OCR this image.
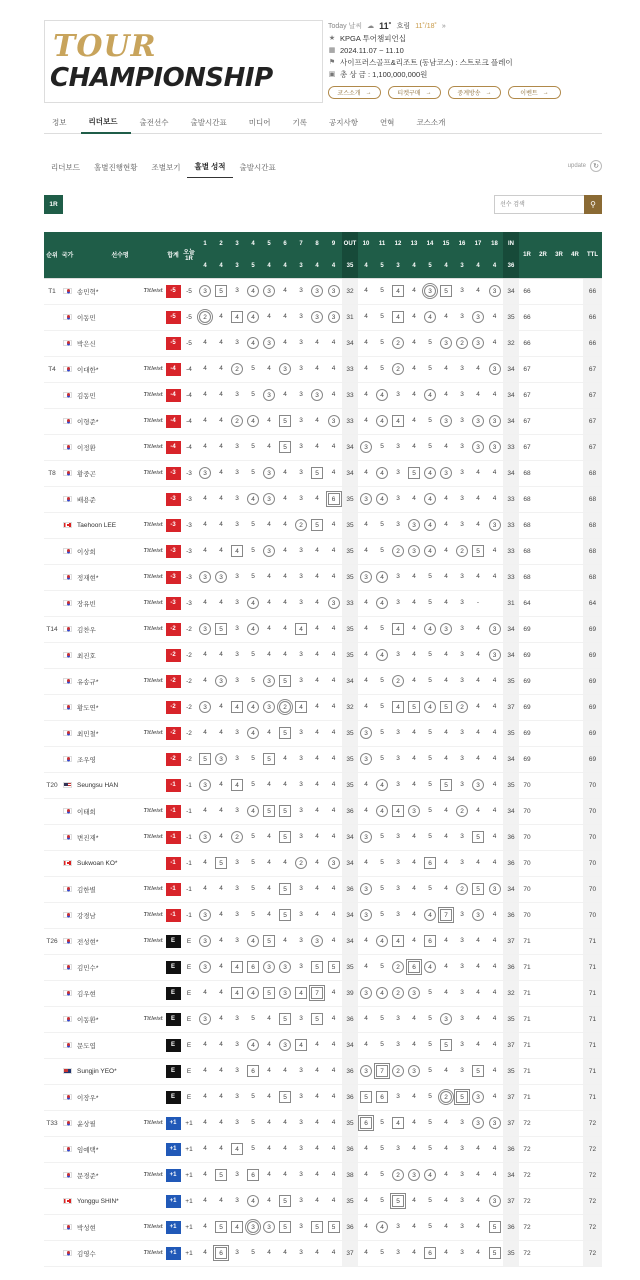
TOUR
CHAMPIONSHIP
Today 날씨 ☁ 11˚ 흐림 11˚/18˚ »
★ KPGA 투어챔피언십
▦ 2024.11.07 ~ 11.10
⚑ 사이프러스골프&리조트 (동남코스) : 스트로크 플레이
▣ 총 상 금 : 1,100,000,000원
코스소개 →	티켓구매 →	중계방송 →	이벤트 →
정보	리더보드	출전선수	출발시간표	미디어	기록	공지사항	연혁	코스소개
리더보드	홀별진행현황	조별보기	홀별 성적	출발시간표	update	↻
1R
선수 검색	⚲
순위	국가	선수명		합계	오늘
1R	1	2	3	4	5	6	7	8	9	OUT	10	11	12	13	14	15	16	17	18	IN	1R	2R	3R	4R	TTL
						4	4	3	5	4	4	3	4	4	35	4	5	3	4	5	4	3	4	4	36					
T1		송민혁*	Titleist	-5	-5	3	5	3	4	3	4	3	3	3	32	4	5	4	4	3	5	3	4	3	34	66				66
		이동민		-5	-5	2	4	4	4	4	4	3	3	3	31	4	5	4	4	4	4	3	3	4	35	66				66
		박은신		-5	-5	4	4	3	4	3	4	3	4	4	34	4	5	2	4	5	3	2	3	4	32	66				66
T4		이대한*	Titleist	-4	-4	4	4	2	5	4	3	3	4	4	33	4	5	2	4	5	4	3	4	3	34	67				67
		김동민	Titleist	-4	-4	4	4	3	5	3	4	3	3	4	33	4	4	3	4	4	4	3	4	4	34	67				67
		이형준*	Titleist	-4	-4	4	4	2	4	4	5	3	4	3	33	4	4	4	4	5	3	3	3	3	34	67				67
		이정환	Titleist	-4	-4	4	4	3	5	4	5	3	4	4	34	3	5	3	4	5	4	3	3	3	33	67				67
T8		황중곤	Titleist	-3	-3	3	4	3	5	3	4	3	5	4	34	4	4	3	5	4	3	3	4	4	34	68				68
		배용준		-3	-3	4	4	3	4	3	4	3	4	6	35	3	4	3	4	4	4	3	4	4	33	68				68
		Taehoon LEE	Titleist	-3	-3	4	4	3	5	4	4	2	5	4	35	4	5	3	3	4	4	3	4	3	33	68				68
		이상희	Titleist	-3	-3	4	4	4	5	3	4	3	4	4	35	4	5	2	3	4	4	2	5	4	33	68				68
		정재현*	Titleist	-3	-3	3	3	3	5	4	4	3	4	4	35	3	4	3	4	5	4	3	4	4	33	68				68
		장유빈	Titleist	-3	-3	4	4	3	4	4	4	3	4	3	33	4	4	3	4	5	4	3	-		31	64				64
T14		김찬우	Titleist	-2	-2	3	5	3	4	4	4	4	4	4	35	4	5	4	4	4	3	3	4	3	34	69				69
		최진호		-2	-2	4	4	3	5	4	4	3	4	4	35	4	4	3	4	5	4	3	4	3	34	69				69
		유송규*	Titleist	-2	-2	4	3	3	5	3	5	3	4	4	34	4	5	2	4	5	4	3	4	4	35	69				69
		황도연*		-2	-2	3	4	4	4	3	2	4	4	4	32	4	5	4	5	4	5	2	4	4	37	69				69
		최민철*	Titleist	-2	-2	4	4	3	4	4	5	3	4	4	35	3	5	3	4	5	4	3	4	4	35	69				69
		조우영		-2	-2	5	3	3	5	5	4	3	4	4	35	3	5	3	4	5	4	3	4	4	34	69				69
T20		Seungsu HAN		-1	-1	3	4	4	5	4	4	3	4	4	35	4	4	3	4	5	5	3	3	4	35	70				70
		이태희	Titleist	-1	-1	4	4	3	4	5	5	3	4	4	36	4	4	4	3	5	4	2	4	4	34	70				70
		변진재*	Titleist	-1	-1	3	4	2	5	4	5	3	4	4	34	3	5	3	4	5	4	3	5	4	36	70				70
		Sukwoan KO*		-1	-1	4	5	3	5	4	4	2	4	3	34	4	5	3	4	6	4	3	4	4	36	70				70
		김한별	Titleist	-1	-1	4	4	3	5	4	5	3	4	4	36	3	5	3	4	5	4	2	5	3	34	70				70
		강경남	Titleist	-1	-1	3	4	3	5	4	5	3	4	4	34	3	5	3	4	4	7	3	3	4	36	70				70
T26		전성현*	Titleist	E	E	3	4	3	4	5	4	3	3	4	34	4	4	4	4	6	4	3	4	4	37	71				71
		김민수*		E	E	3	4	4	6	3	3	3	5	5	35	4	5	2	6	4	4	3	4	4	36	71				71
		김우현		E	E	4	4	4	4	5	3	4	7	4	39	3	4	2	3	5	4	3	4	4	32	71				71
		이동환*	Titleist	E	E	3	4	3	5	4	5	3	5	4	36	4	5	3	4	5	3	3	4	4	35	71				71
		문도엽		E	E	4	4	3	4	4	3	4	4	4	34	4	5	3	4	5	5	3	4	4	37	71				71
		Sungjin YEO*		E	E	4	4	3	6	4	4	3	4	4	36	3	7	2	3	5	4	3	5	4	35	71				71
		이장우*		E	E	4	4	3	5	4	5	3	4	4	36	5	6	3	4	5	2	5	3	4	37	71				71
T33		윤상필	Titleist	+1	+1	4	4	3	5	4	4	3	4	4	35	6	5	4	4	5	4	3	3	3	37	72				72
		임예택*		+1	+1	4	4	4	5	4	4	3	4	4	36	4	5	3	4	5	4	3	4	4	36	72				72
		문경준*	Titleist	+1	+1	4	5	3	6	4	4	3	4	4	38	4	5	2	3	4	4	3	4	4	34	72				72
		Yonggu SHIN*		+1	+1	4	4	3	4	4	5	3	4	4	35	4	5	5	4	5	4	3	4	3	37	72				72
		박성현	Titleist	+1	+1	4	5	4	3	3	5	3	5	5	36	4	4	3	4	5	4	3	4	5	36	72				72
		김영수	Titleist	+1	+1	4	6	3	5	4	4	3	4	4	37	4	5	3	4	6	4	3	4	5	35	72				72
